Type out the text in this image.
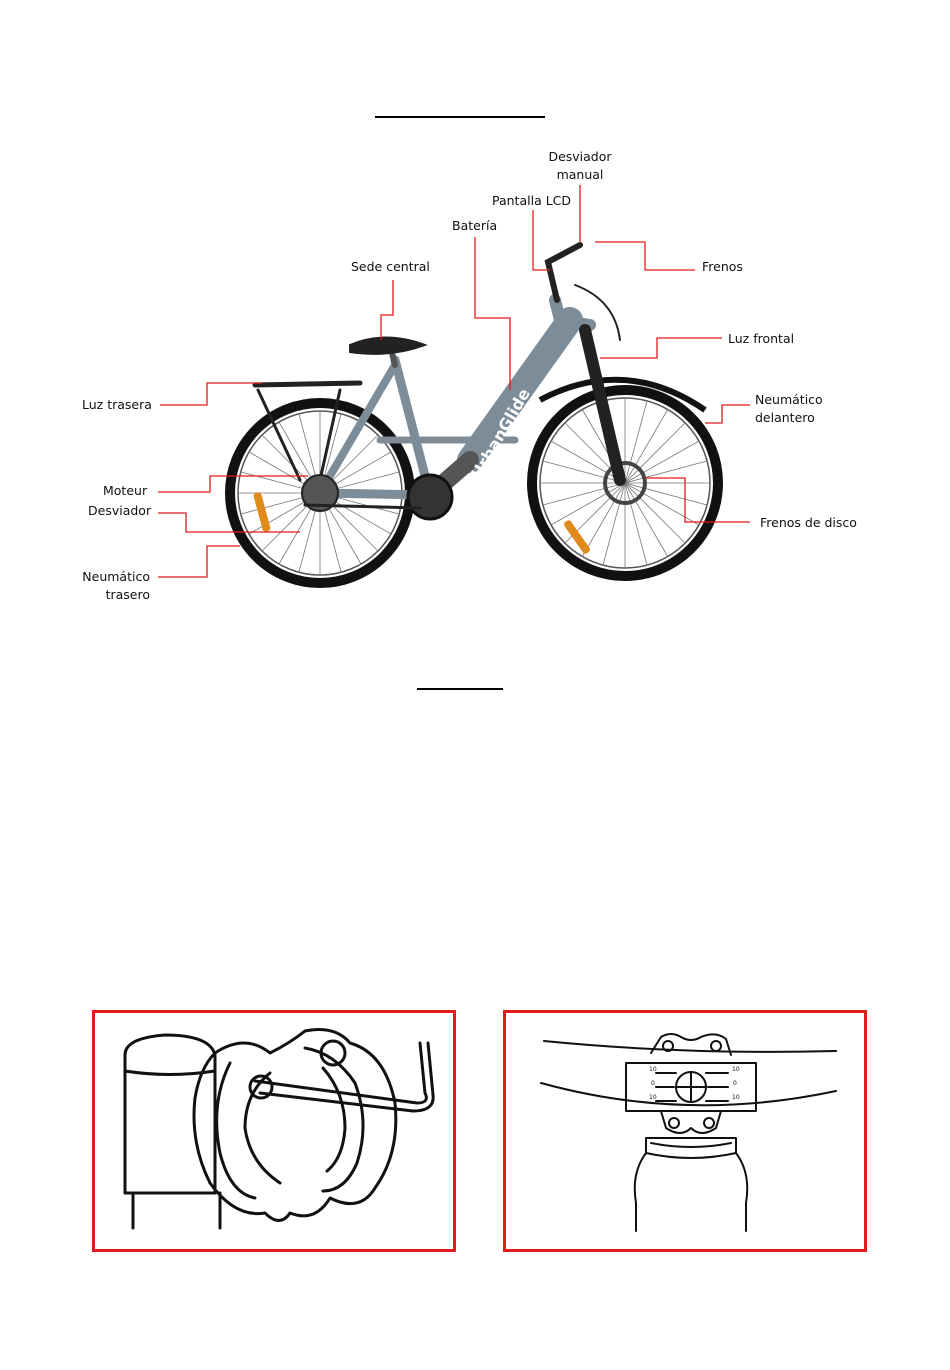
UrbanGlide
Desviador
manual
Pantalla LCD
Batería
Sede central	Frenos
Luz frontal
Luz trasera	Neumático
delantero
Moteur
Desviador
Frenos de disco
Neumático
trasero
10
0
10
10
0
10
